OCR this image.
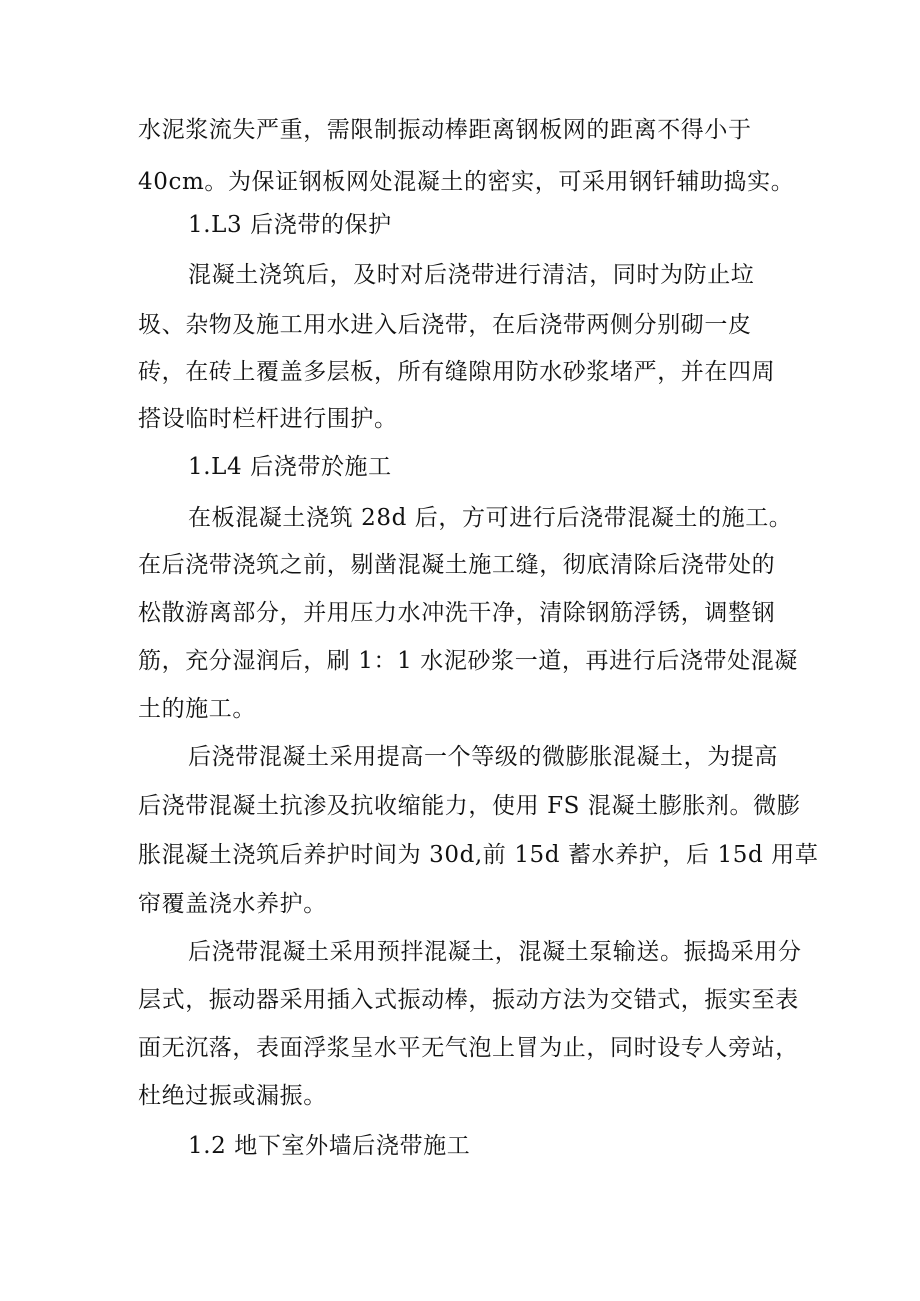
水泥浆流失严重，需限制振动棒距离钢板网的距离不得小于
40cm。为保证钢板网处混凝土的密实，可采用钢钎辅助捣实。
1.L3 后浇带的保护
混凝土浇筑后，及时对后浇带进行清洁，同时为防止垃
圾、杂物及施工用水进入后浇带，在后浇带两侧分别砌一皮
砖，在砖上覆盖多层板，所有缝隙用防水砂浆堵严，并在四周
搭设临时栏杆进行围护。
1.L4 后浇带於施工
在板混凝土浇筑 28d 后，方可进行后浇带混凝土的施工。
在后浇带浇筑之前，剔凿混凝土施工缝，彻底清除后浇带处的
松散游离部分，并用压力水冲洗干净，清除钢筋浮锈，调整钢
筋，充分湿润后，刷 1：1 水泥砂浆一道，再进行后浇带处混凝
土的施工。
后浇带混凝土采用提高一个等级的微膨胀混凝土，为提高
后浇带混凝土抗渗及抗收缩能力，使用 FS 混凝土膨胀剂。微膨
胀混凝土浇筑后养护时间为 30d,前 15d 蓄水养护，后 15d 用草
帘覆盖浇水养护。
后浇带混凝土采用预拌混凝土，混凝土泵输送。振捣采用分
层式，振动器采用插入式振动棒，振动方法为交错式，振实至表
面无沉落，表面浮浆呈水平无气泡上冒为止，同时设专人旁站，
杜绝过振或漏振。
1.2 地下室外墙后浇带施工
